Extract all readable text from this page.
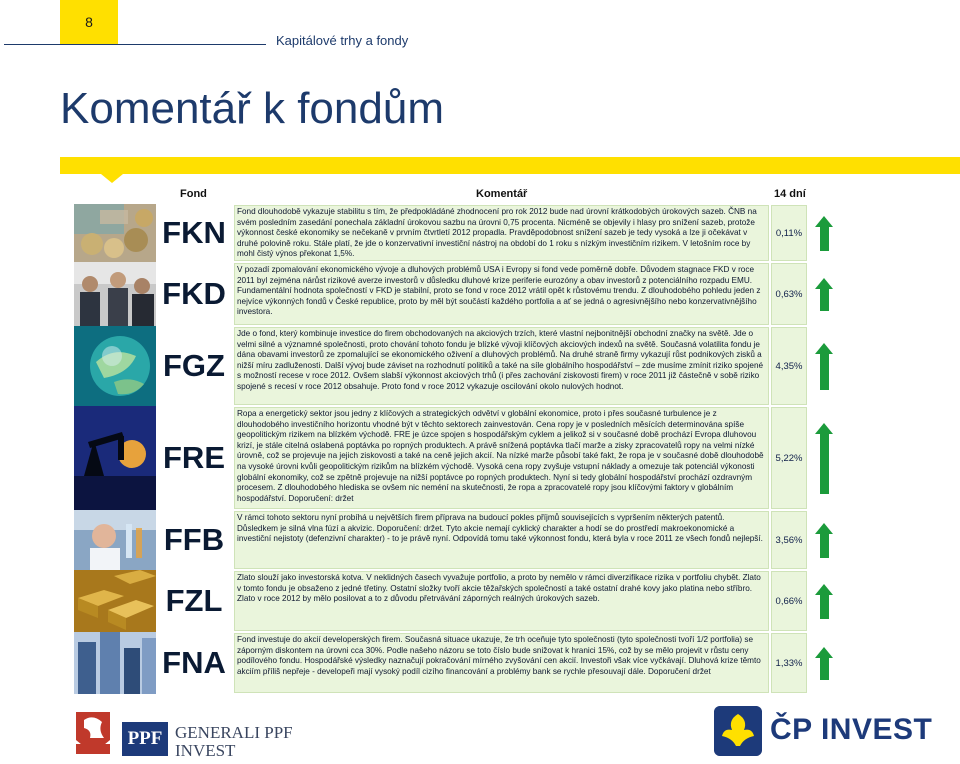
8
Kapitálové trhy a fondy
Komentář k fondům
Fond	Komentář	14 dní
FKN
Fond dlouhodobě vykazuje stabilitu s tím, že předpokládáné zhodnocení pro rok 2012 bude nad úrovní krátkodobých úrokových sazeb. ČNB na svém posledním zasedání ponechala základní úrokovou sazbu na úrovni 0,75 procenta. Nicméně se objevily i hlasy pro snížení sazeb, protože výkonnost české ekonomiky se nečekaně v prvním čtvrtletí 2012 propadla. Pravděpodobnost snížení sazeb je tedy vysoká a lze ji očekávat v druhé polovině roku. Stále platí, že jde o konzervativní investiční nástroj na období do 1 roku s nízkým investičním rizikem. V letošním roce by mohl čistý výnos překonat 1,5%.
0,11%
FKD
V pozadí zpomalování ekonomického vývoje a dluhových problémů USA i Evropy si fond vede poměrně dobře. Důvodem stagnace FKD v roce 2011 byl zejména nárůst rizikové averze investorů v důsledku dluhové krize periferie eurozóny a obav investorů z potenciálního rozpadu EMU. Fundamentální hodnota společností v FKD je stabilní, proto se fond v roce 2012 vrátil opět k růstovému trendu. Z dlouhodobého pohledu jeden z nejvíce výkonných fondů v České republice, proto by měl být součástí každého portfolia a ať se jedná o agresivnějšího nebo konzervativnějšího investora.
0,63%
FGZ
Jde o fond, který kombinuje investice do firem obchodovaných na akciových trzích, které vlastní nejbonitnější obchodní značky na světě. Jde o velmi silné a významné společnosti, proto chování tohoto fondu je blízké vývoji klíčových akciových indexů na světě. Současná volatilita fondu je dána obavami investorů ze zpomalující se ekonomického oživení a dluhových problémů. Na druhé straně firmy vykazují růst podnikových zisků a nižší míru zadluženosti. Další vývoj bude záviset na rozhodnutí politiků a také na síle globálního hospodářství – zde musíme zmínit riziko spojené s možností recese v roce 2012. Ovšem slabší výkonnost akciových trhů (i přes zachování ziskovosti firem) v roce 2011 již částečně v sobě riziko spojené s recesí v roce 2012 obsahuje. Proto fond v roce 2012 vykazuje oscilování okolo nulových hodnot.
4,35%
FRE
Ropa a energetický sektor jsou jedny z klíčových a strategických odvětví v globální ekonomice, proto i přes současné turbulence je z dlouhodobého investičního horizontu vhodné být v těchto sektorech zainvestován. Cena ropy je v posledních měsících determinována spíše geopolitickým rizikem na blízkém východě. FRE je úzce spojen s hospodářským cyklem a jelikož si v současné době prochází Evropa dluhovou krizí, je stále citelná oslabená poptávka po ropných produktech. A právě snížená poptávka tlačí marže a zisky zpracovatelů ropy na velmi nízké úrovně, což se projevuje na jejich ziskovosti a také na ceně jejich akcií. Na nízké marže působí také fakt, že ropa je v současné době dlouhodobě na vysoké úrovni kvůli geopolitickým rizikům na blízkém východě. Vysoká cena ropy zvyšuje vstupní náklady a omezuje tak potenciál výkonosti globální ekonomiky, což se zpětně projevuje na nižší poptávce po ropných produktech. Nyní si tedy globální hospodářství prochází ozdravným procesem. Z dlouhodobého hlediska se ovšem nic neméní na skutečnosti, že ropa a zpracovatelé ropy jsou klíčovými faktory v globálním hospodářství. Doporučení: držet
5,22%
FFB
V rámci tohoto sektoru nyní probíhá u největších firem příprava na budoucí pokles příjmů souvisejících s vypršením některých patentů. Důsledkem je silná vlna fúzí a akvizic. Doporučení: držet. Tyto akcie nemají cyklický charakter a hodí se do prostředí makroekonomické a investiční nejistoty (defenzivní charakter) - to je právě nyní. Odpovídá tomu také výkonnost fondu, která byla v roce 2011 ze všech fondů nejlepší.	3,56%
FZL
Zlato slouží jako investorská kotva. V neklidných časech vyvažuje portfolio, a proto by nemělo v rámci diverzifikace rizika v portfoliu chybět. Zlato v tomto fondu je obsaženo z jedné třetiny. Ostatní složky tvoří akcie těžařských společností a také ostatní drahé kovy jako platina nebo stříbro. Zlato v roce 2012 by mělo posilovat a to z důvodu přetrvávání záporných reálných úrokových sazeb.	0,66%
FNA
Fond investuje do akcií developerských firem. Současná situace ukazuje, že trh oceňuje tyto společnosti (tyto společnosti tvoří 1/2 portfolia) se záporným diskontem na úrovni cca 30%. Podle našeho názoru se toto číslo bude snižovat k hranici 15%, což by se mělo projevit v růstu ceny podílového fondu. Hospodářské výsledky naznačují pokračování mírného zvyšování cen akcií. Investoři však více vyčkávají. Dluhová krize těmto akciím příliš nepřeje - developeři mají vysoký podíl cizího financování a problémy bank se rychle přesouvají dále. Doporučení držet
1,33%
PPF GENERALI PPF
INVEST
ČP INVEST
